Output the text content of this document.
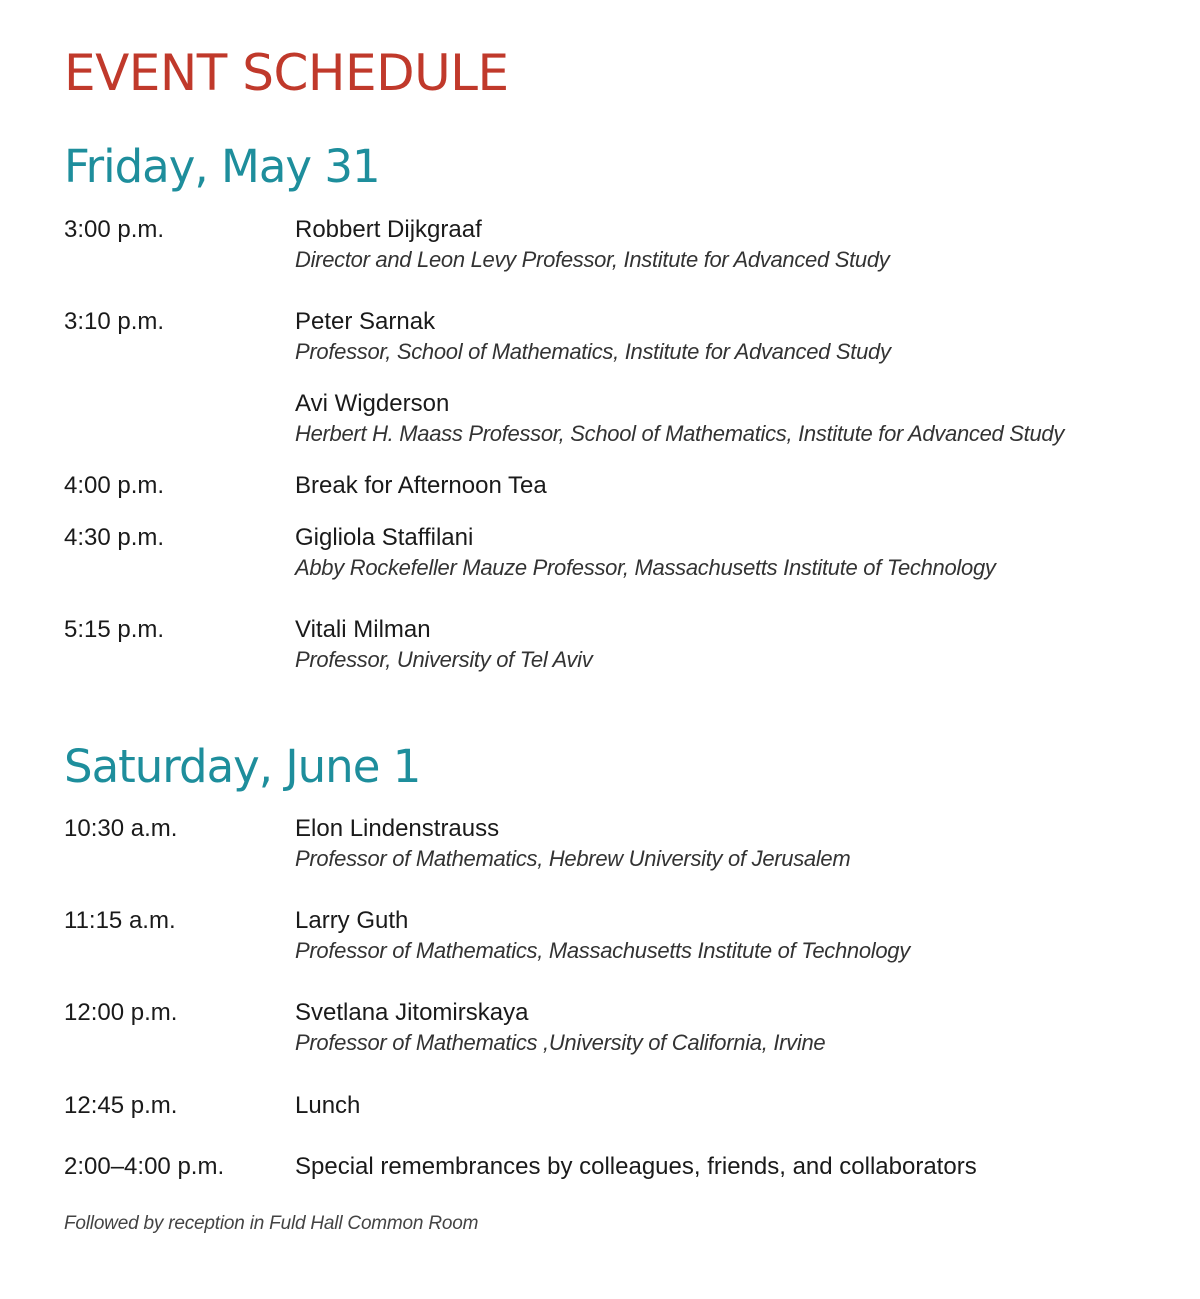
EVENT SCHEDULE
Friday, May 31
3:00 p.m.	Robbert Dijkgraaf
Director and Leon Levy Professor, Institute for Advanced Study
3:10 p.m.	Peter Sarnak
Professor, School of Mathematics, Institute for Advanced Study
Avi Wigderson
Herbert H. Maass Professor, School of Mathematics, Institute for Advanced Study
4:00 p.m.	Break for Afternoon Tea
4:30 p.m.	Gigliola Staffilani
Abby Rockefeller Mauze Professor, Massachusetts Institute of Technology
5:15 p.m.	Vitali Milman
Professor, University of Tel Aviv
Saturday, June 1
10:30 a.m.	Elon Lindenstrauss
Professor of Mathematics, Hebrew University of Jerusalem
11:15 a.m.	Larry Guth
Professor of Mathematics, Massachusetts Institute of Technology
12:00 p.m.	Svetlana Jitomirskaya
Professor of Mathematics ,University of California, Irvine
12:45 p.m.	Lunch
2:00–4:00 p.m.	Special remembrances by colleagues, friends, and collaborators
Followed by reception in Fuld Hall Common Room
